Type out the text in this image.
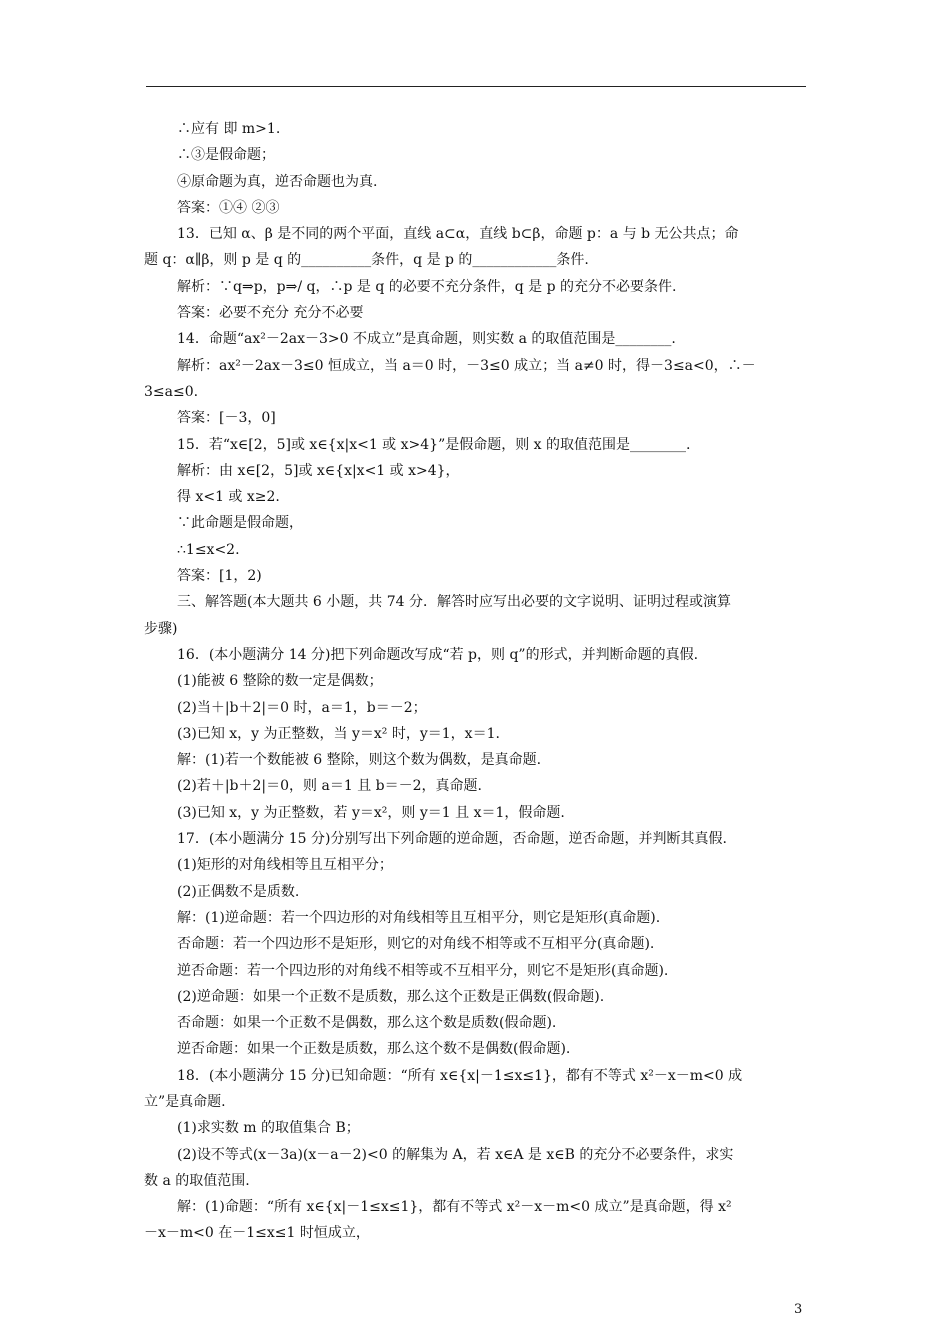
∴应有 即 m>1.
∴③是假命题；
④原命题为真，逆否命题也为真.
答案：①④ ②③
13．已知 α、β 是不同的两个平面，直线 a⊂α，直线 b⊂β，命题 p：a 与 b 无公共点；命
题 q：α∥β，则 p 是 q 的__________条件，q 是 p 的____________条件.
解析：∵q⇒p，p⇒/ q，∴p 是 q 的必要不充分条件，q 是 p 的充分不必要条件.
答案：必要不充分 充分不必要
14．命题“ax²－2ax－3>0 不成立”是真命题，则实数 a 的取值范围是________.
解析：ax²－2ax－3≤0 恒成立，当 a＝0 时，－3≤0 成立；当 a≠0 时，得－3≤a<0，∴－
3≤a≤0.
答案：[－3，0]
15．若“x∈[2，5]或 x∈{x|x<1 或 x>4}”是假命题，则 x 的取值范围是________.
解析：由 x∈[2，5]或 x∈{x|x<1 或 x>4}，
得 x<1 或 x≥2.
∵此命题是假命题，
∴1≤x<2.
答案：[1，2)
三、解答题(本大题共 6 小题，共 74 分．解答时应写出必要的文字说明、证明过程或演算
步骤)
16．(本小题满分 14 分)把下列命题改写成“若 p，则 q”的形式，并判断命题的真假.
(1)能被 6 整除的数一定是偶数；
(2)当＋|b＋2|＝0 时，a＝1，b＝－2；
(3)已知 x，y 为正整数，当 y＝x² 时，y＝1，x＝1.
解：(1)若一个数能被 6 整除，则这个数为偶数，是真命题.
(2)若＋|b＋2|＝0，则 a＝1 且 b＝－2，真命题.
(3)已知 x，y 为正整数，若 y＝x²，则 y＝1 且 x＝1，假命题.
17．(本小题满分 15 分)分别写出下列命题的逆命题，否命题，逆否命题，并判断其真假.
(1)矩形的对角线相等且互相平分；
(2)正偶数不是质数.
解：(1)逆命题：若一个四边形的对角线相等且互相平分，则它是矩形(真命题).
否命题：若一个四边形不是矩形，则它的对角线不相等或不互相平分(真命题).
逆否命题：若一个四边形的对角线不相等或不互相平分，则它不是矩形(真命题).
(2)逆命题：如果一个正数不是质数，那么这个正数是正偶数(假命题).
否命题：如果一个正数不是偶数，那么这个数是质数(假命题).
逆否命题：如果一个正数是质数，那么这个数不是偶数(假命题).
18．(本小题满分 15 分)已知命题：“所有 x∈{x|－1≤x≤1}，都有不等式 x²－x－m<0 成
立”是真命题.
(1)求实数 m 的取值集合 B；
(2)设不等式(x－3a)(x－a－2)<0 的解集为 A，若 x∈A 是 x∈B 的充分不必要条件，求实
数 a 的取值范围.
解：(1)命题：“所有 x∈{x|－1≤x≤1}，都有不等式 x²－x－m<0 成立”是真命题，得 x²
－x－m<0 在－1≤x≤1 时恒成立，
3
